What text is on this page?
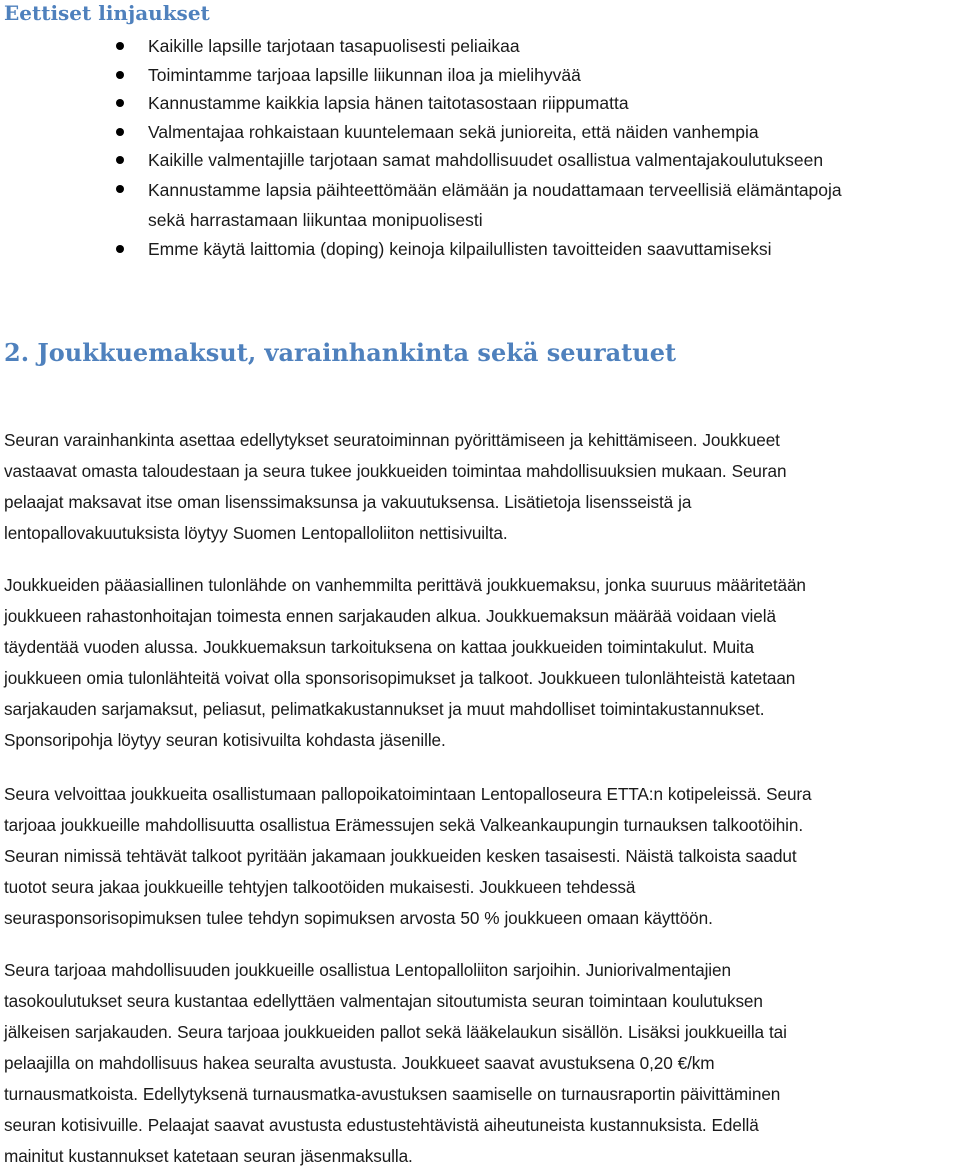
Eettiset linjaukset
Kaikille lapsille tarjotaan tasapuolisesti peliaikaa
Toimintamme tarjoaa lapsille liikunnan iloa ja mielihyvää
Kannustamme kaikkia lapsia hänen taitotasostaan riippumatta
Valmentajaa rohkaistaan kuuntelemaan sekä junioreita, että näiden vanhempia
Kaikille valmentajille tarjotaan samat mahdollisuudet osallistua valmentajakoulutukseen
Kannustamme lapsia päihteettömään elämään ja noudattamaan terveellisiä elämäntapoja
sekä harrastamaan liikuntaa monipuolisesti
Emme käytä laittomia (doping) keinoja kilpailullisten tavoitteiden saavuttamiseksi
2. Joukkuemaksut, varainhankinta sekä seuratuet

Seuran varainhankinta asettaa edellytykset seuratoiminnan pyörittämiseen ja kehittämiseen. Joukkueet
vastaavat omasta taloudestaan ja seura tukee joukkueiden toimintaa mahdollisuuksien mukaan. Seuran
pelaajat maksavat itse oman lisenssimaksunsa ja vakuutuksensa. Lisätietoja lisensseistä ja
lentopallovakuutuksista löytyy Suomen Lentopalloliiton nettisivuilta.

Joukkueiden pääasiallinen tulonlähde on vanhemmilta perittävä joukkuemaksu, jonka suuruus määritetään
joukkueen rahastonhoitajan toimesta ennen sarjakauden alkua. Joukkuemaksun määrää voidaan vielä
täydentää vuoden alussa. Joukkuemaksun tarkoituksena on kattaa joukkueiden toimintakulut. Muita
joukkueen omia tulonlähteitä voivat olla sponsorisopimukset ja talkoot. Joukkueen tulonlähteistä katetaan
sarjakauden sarjamaksut, peliasut, pelimatkakustannukset ja muut mahdolliset toimintakustannukset.
Sponsoripohja löytyy seuran kotisivuilta kohdasta jäsenille.

Seura velvoittaa joukkueita osallistumaan pallopoikatoimintaan Lentopalloseura ETTA:n kotipeleissä. Seura
tarjoaa joukkueille mahdollisuutta osallistua Erämessujen sekä Valkeankaupungin turnauksen talkootöihin.
Seuran nimissä tehtävät talkoot pyritään jakamaan joukkueiden kesken tasaisesti. Näistä talkoista saadut
tuotot seura jakaa joukkueille tehtyjen talkootöiden mukaisesti. Joukkueen tehdessä
seurasponsorisopimuksen tulee tehdyn sopimuksen arvosta 50 % joukkueen omaan käyttöön.

Seura tarjoaa mahdollisuuden joukkueille osallistua Lentopalloliiton sarjoihin. Juniorivalmentajien
tasokoulutukset seura kustantaa edellyttäen valmentajan sitoutumista seuran toimintaan koulutuksen
jälkeisen sarjakauden. Seura tarjoaa joukkueiden pallot sekä lääkelaukun sisällön. Lisäksi joukkueilla tai
pelaajilla on mahdollisuus hakea seuralta avustusta. Joukkueet saavat avustuksena 0,20 €/km
turnausmatkoista. Edellytyksenä turnausmatka-avustuksen saamiselle on turnausraportin päivittäminen
seuran kotisivuille. Pelaajat saavat avustusta edustustehtävistä aiheutuneista kustannuksista. Edellä
mainitut kustannukset katetaan seuran jäsenmaksulla.
